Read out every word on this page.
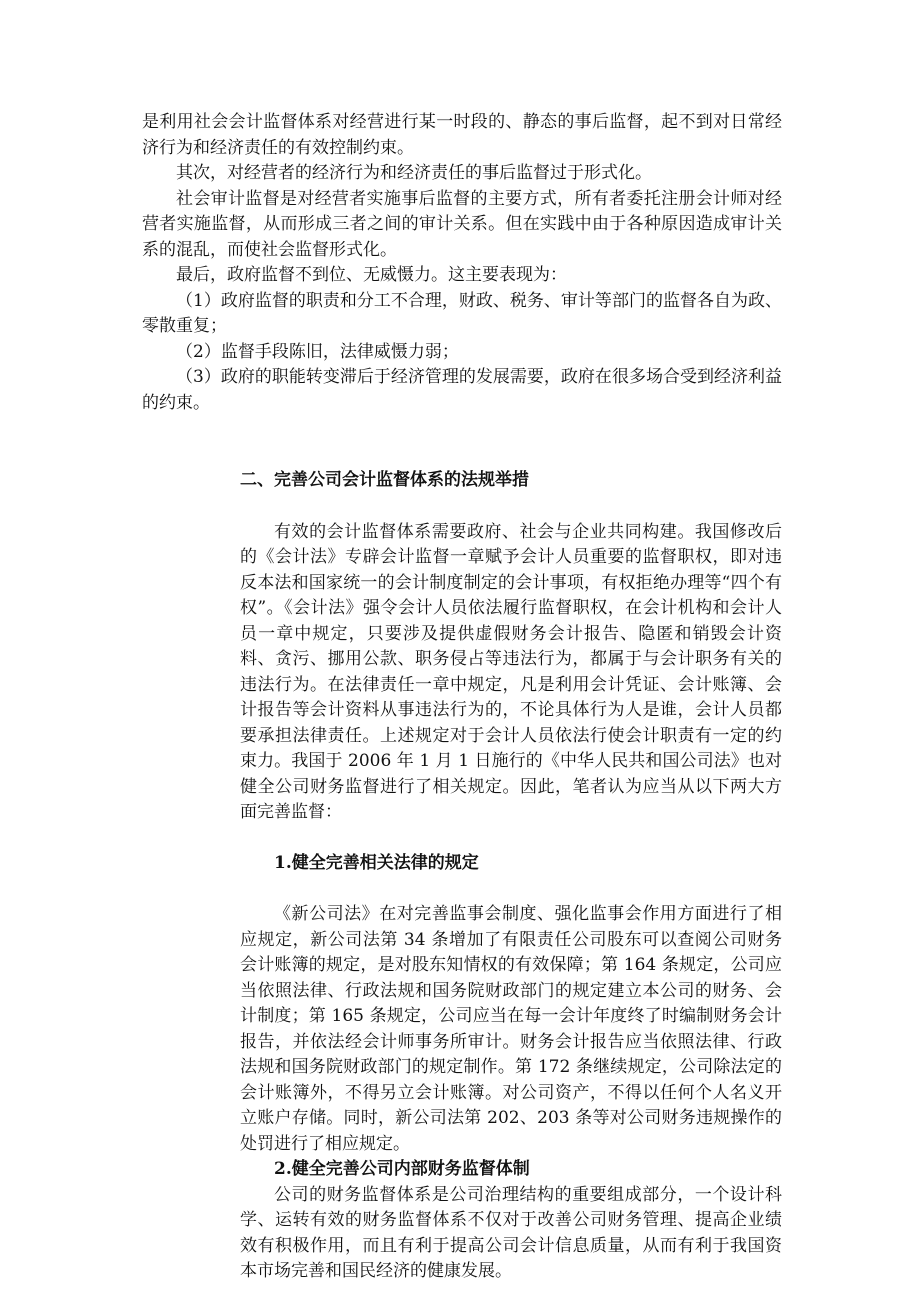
是利用社会会计监督体系对经营进行某一时段的、静态的事后监督，起不到对日常经济行为和经济责任的有效控制约束。

其次，对经营者的经济行为和经济责任的事后监督过于形式化。

社会审计监督是对经营者实施事后监督的主要方式，所有者委托注册会计师对经营者实施监督，从而形成三者之间的审计关系。但在实践中由于各种原因造成审计关系的混乱，而使社会监督形式化。

最后，政府监督不到位、无威慑力。这主要表现为：

（1）政府监督的职责和分工不合理，财政、税务、审计等部门的监督各自为政、零散重复；

（2）监督手段陈旧，法律威慑力弱；

（3）政府的职能转变滞后于经济管理的发展需要，政府在很多场合受到经济利益的约束。

二、完善公司会计监督体系的法规举措

有效的会计监督体系需要政府、社会与企业共同构建。我国修改后的《会计法》专辟会计监督一章赋予会计人员重要的监督职权，即对违反本法和国家统一的会计制度制定的会计事项，有权拒绝办理等“四个有权”。《会计法》强令会计人员依法履行监督职权，在会计机构和会计人员一章中规定，只要涉及提供虚假财务会计报告、隐匿和销毁会计资料、贪污、挪用公款、职务侵占等违法行为，都属于与会计职务有关的违法行为。在法律责任一章中规定，凡是利用会计凭证、会计账簿、会计报告等会计资料从事违法行为的，不论具体行为人是谁，会计人员都要承担法律责任。上述规定对于会计人员依法行使会计职责有一定的约束力。我国于 2006 年 1 月 1 日施行的《中华人民共和国公司法》也对健全公司财务监督进行了相关规定。因此，笔者认为应当从以下两大方面完善监督：

1.健全完善相关法律的规定

《新公司法》在对完善监事会制度、强化监事会作用方面进行了相应规定，新公司法第 34 条增加了有限责任公司股东可以查阅公司财务会计账簿的规定，是对股东知情权的有效保障；第 164 条规定，公司应当依照法律、行政法规和国务院财政部门的规定建立本公司的财务、会计制度；第 165 条规定，公司应当在每一会计年度终了时编制财务会计报告，并依法经会计师事务所审计。财务会计报告应当依照法律、行政法规和国务院财政部门的规定制作。第 172 条继续规定，公司除法定的会计账簿外，不得另立会计账簿。对公司资产，不得以任何个人名义开立账户存储。同时，新公司法第 202、203 条等对公司财务违规操作的处罚进行了相应规定。

2.健全完善公司内部财务监督体制

公司的财务监督体系是公司治理结构的重要组成部分，一个设计科学、运转有效的财务监督体系不仅对于改善公司财务管理、提高企业绩效有积极作用，而且有利于提高公司会计信息质量，从而有利于我国资本市场完善和国民经济的健康发展。
